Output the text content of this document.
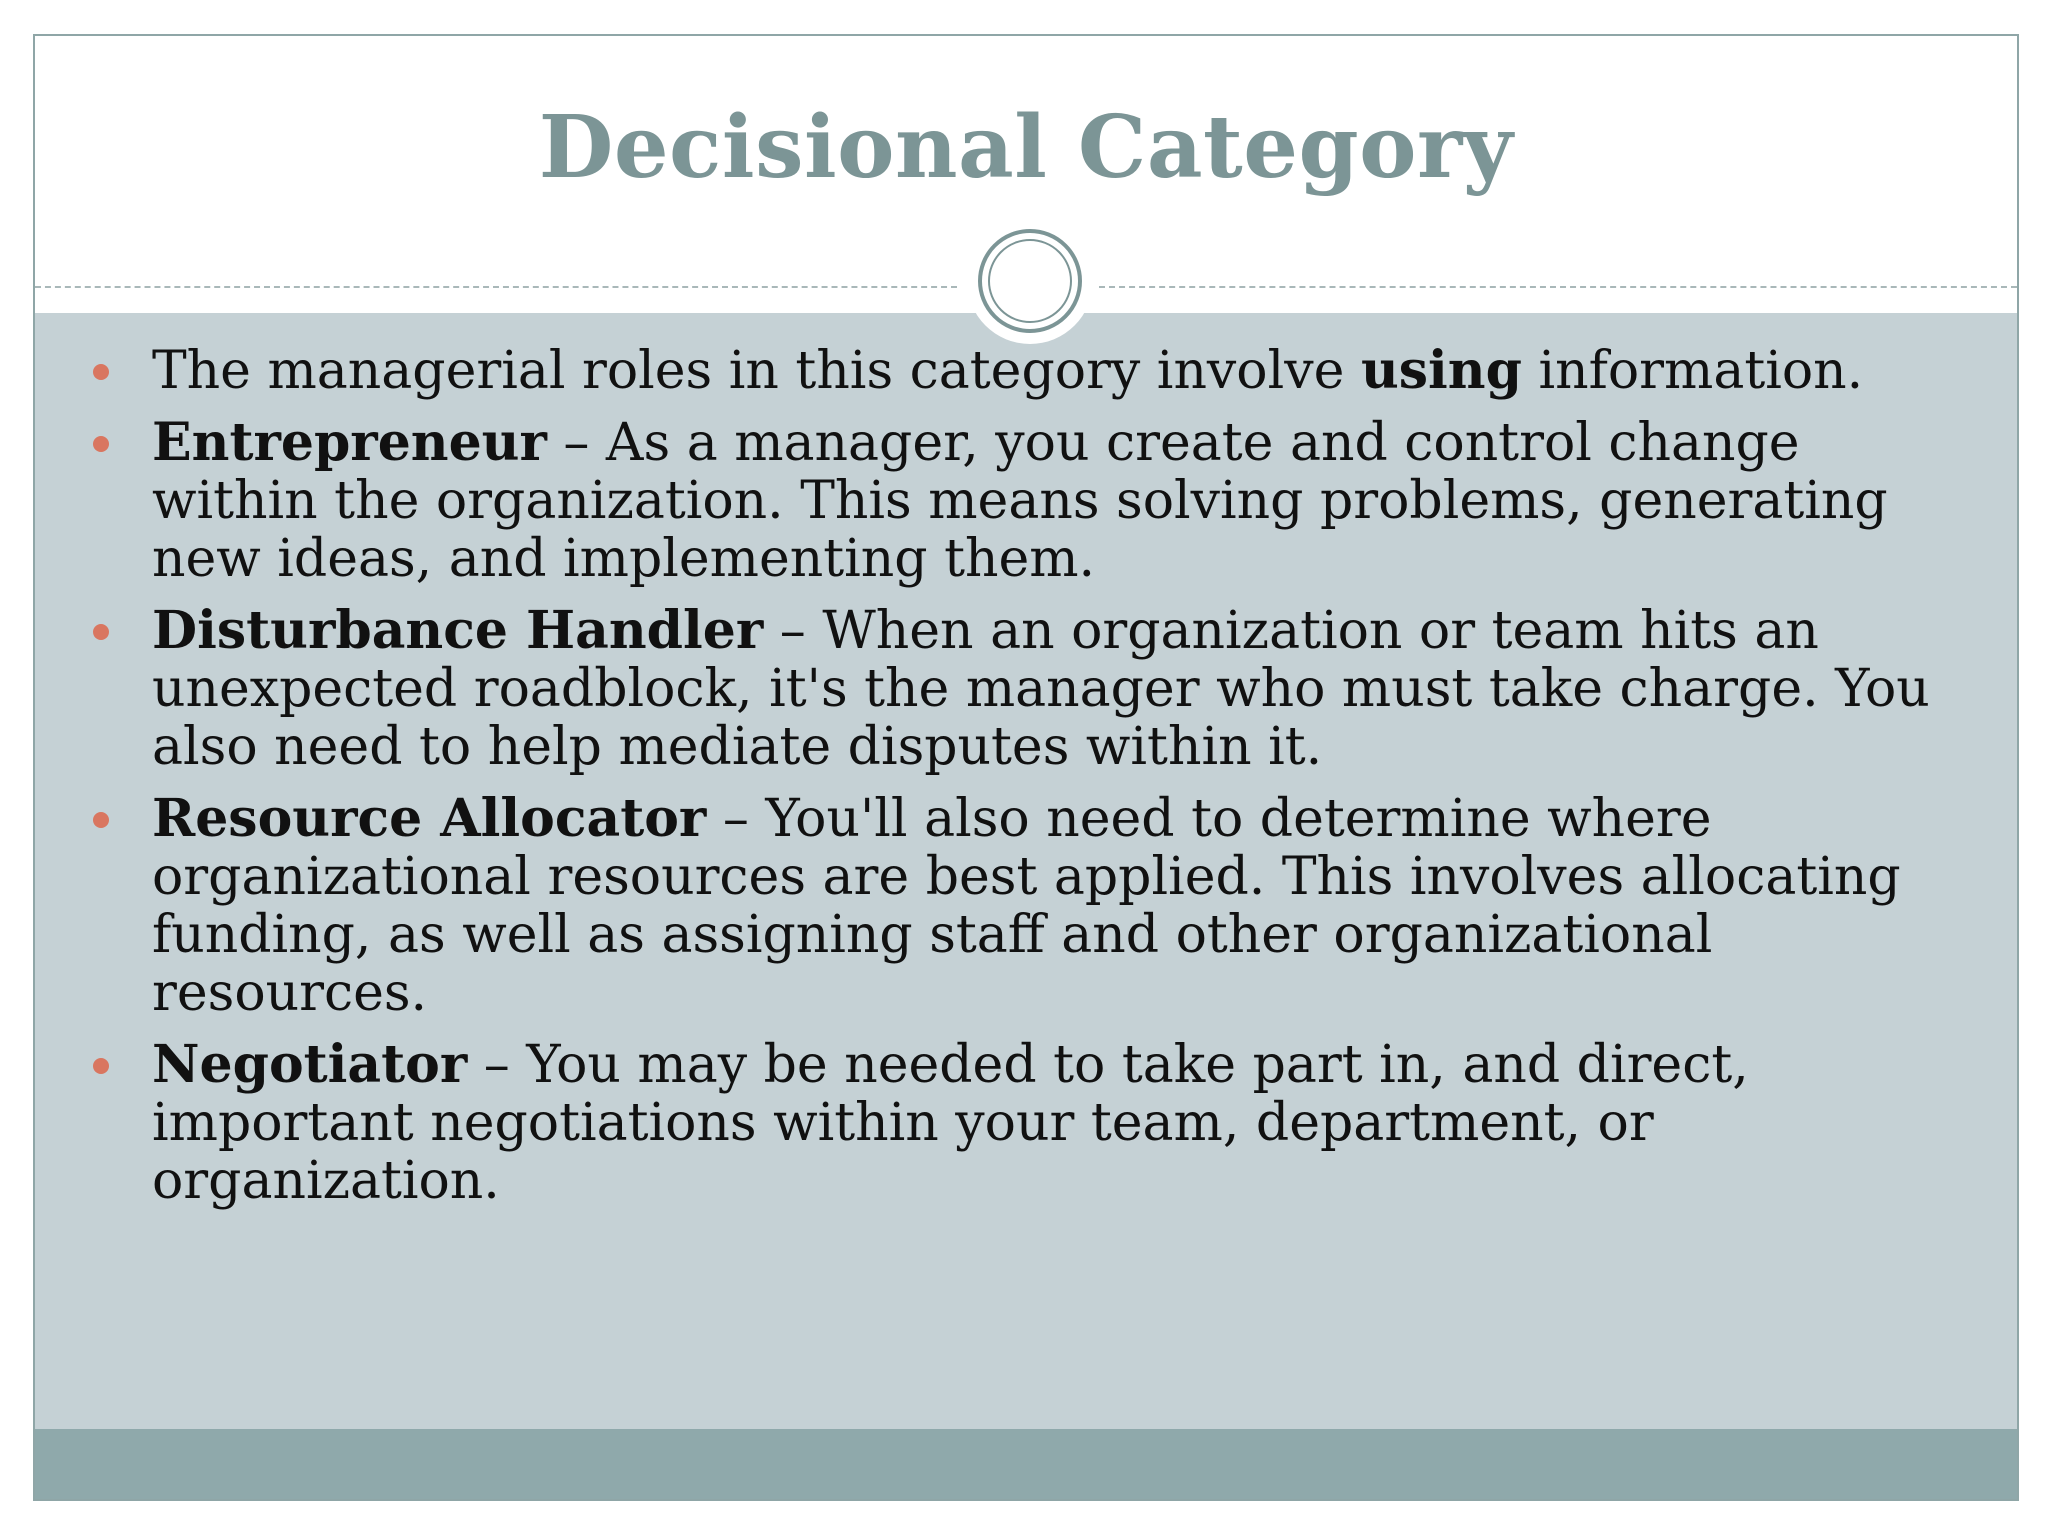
Decisional Category
The managerial roles in this category involve using information.
Entrepreneur – As a manager, you create and control change within the organization. This means solving problems, generating new ideas, and implementing them.
Disturbance Handler – When an organization or team hits an unexpected roadblock, it's the manager who must take charge. You also need to help mediate disputes within it.
Resource Allocator – You'll also need to determine where organizational resources are best applied. This involves allocating funding, as well as assigning staff and other organizational resources.
Negotiator – You may be needed to take part in, and direct, important negotiations within your team, department, or organization.
